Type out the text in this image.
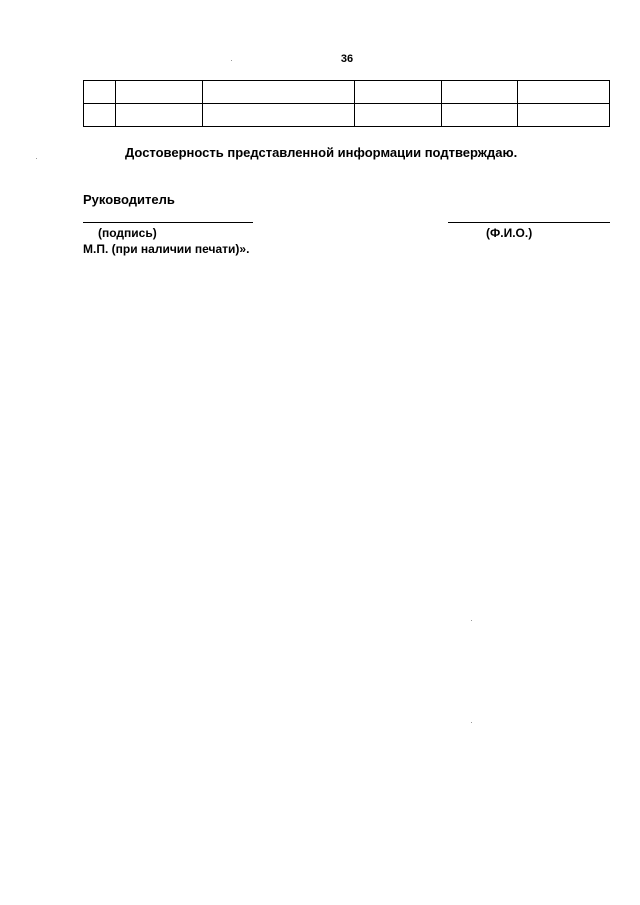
36

Достоверность представленной информации подтверждаю.
Руководитель
(подпись)	(Ф.И.О.)
М.П. (при наличии печати)».
